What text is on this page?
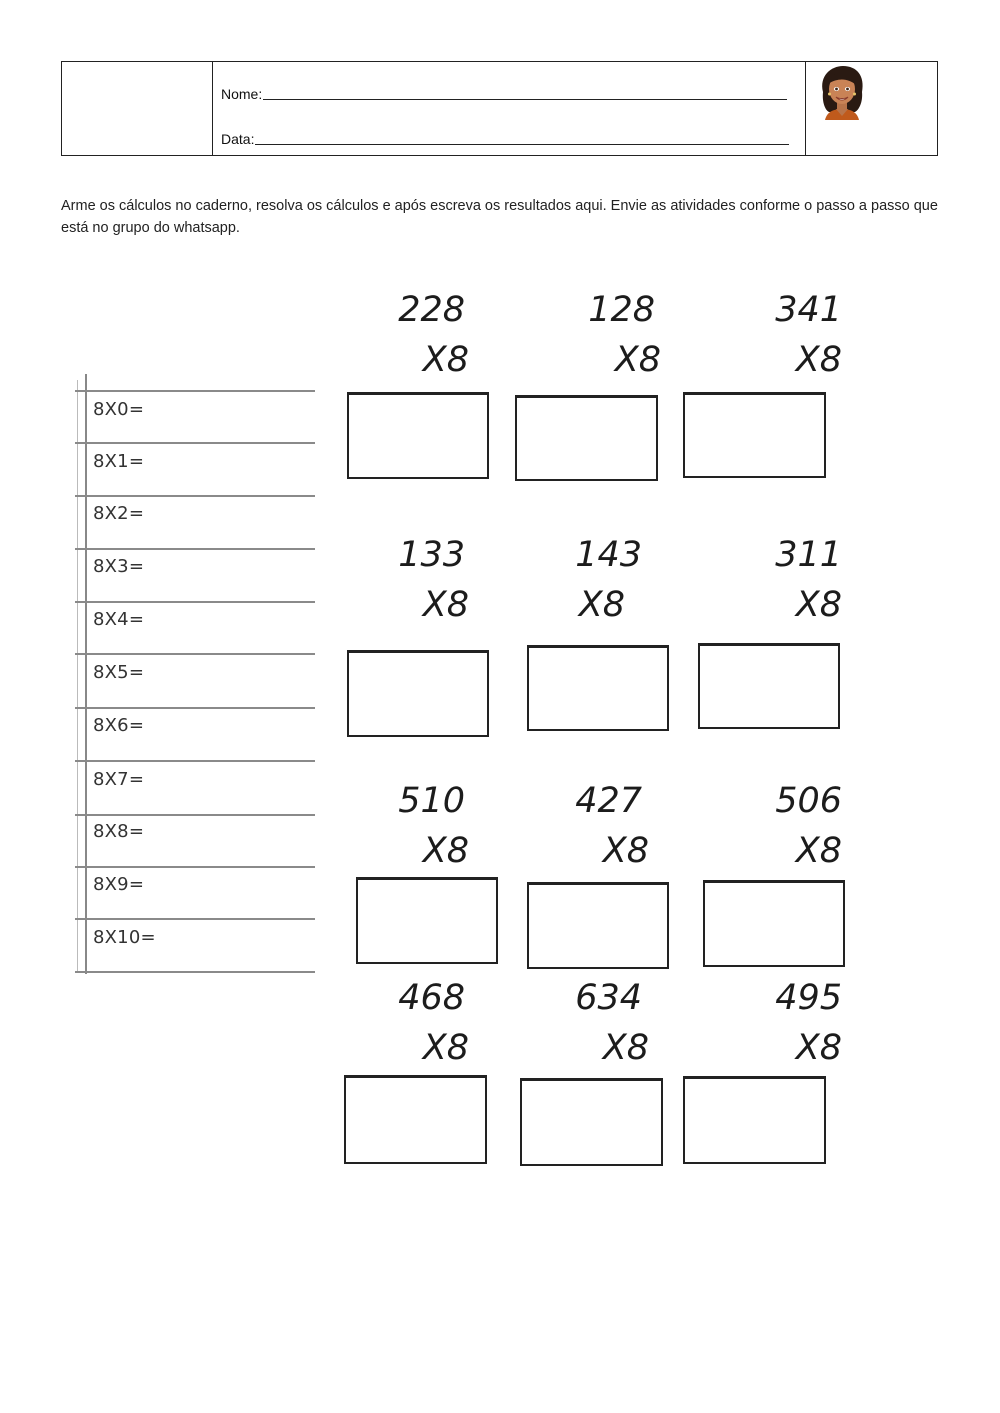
Nome:
Data:
Arme os cálculos no caderno, resolva os cálculos e após escreva os resultados aqui. Envie as atividades conforme o passo a passo que está no grupo do whatsapp.
8X0=
8X1=
8X2=
8X3=
8X4=
8X5=
8X6=
8X7=
8X8=
8X9=
8X10=
228
X8
128
X8
341
X8
133
X8
143
X8
311
X8
510
X8
427
X8
506
X8
468
X8
634
X8
495
X8
